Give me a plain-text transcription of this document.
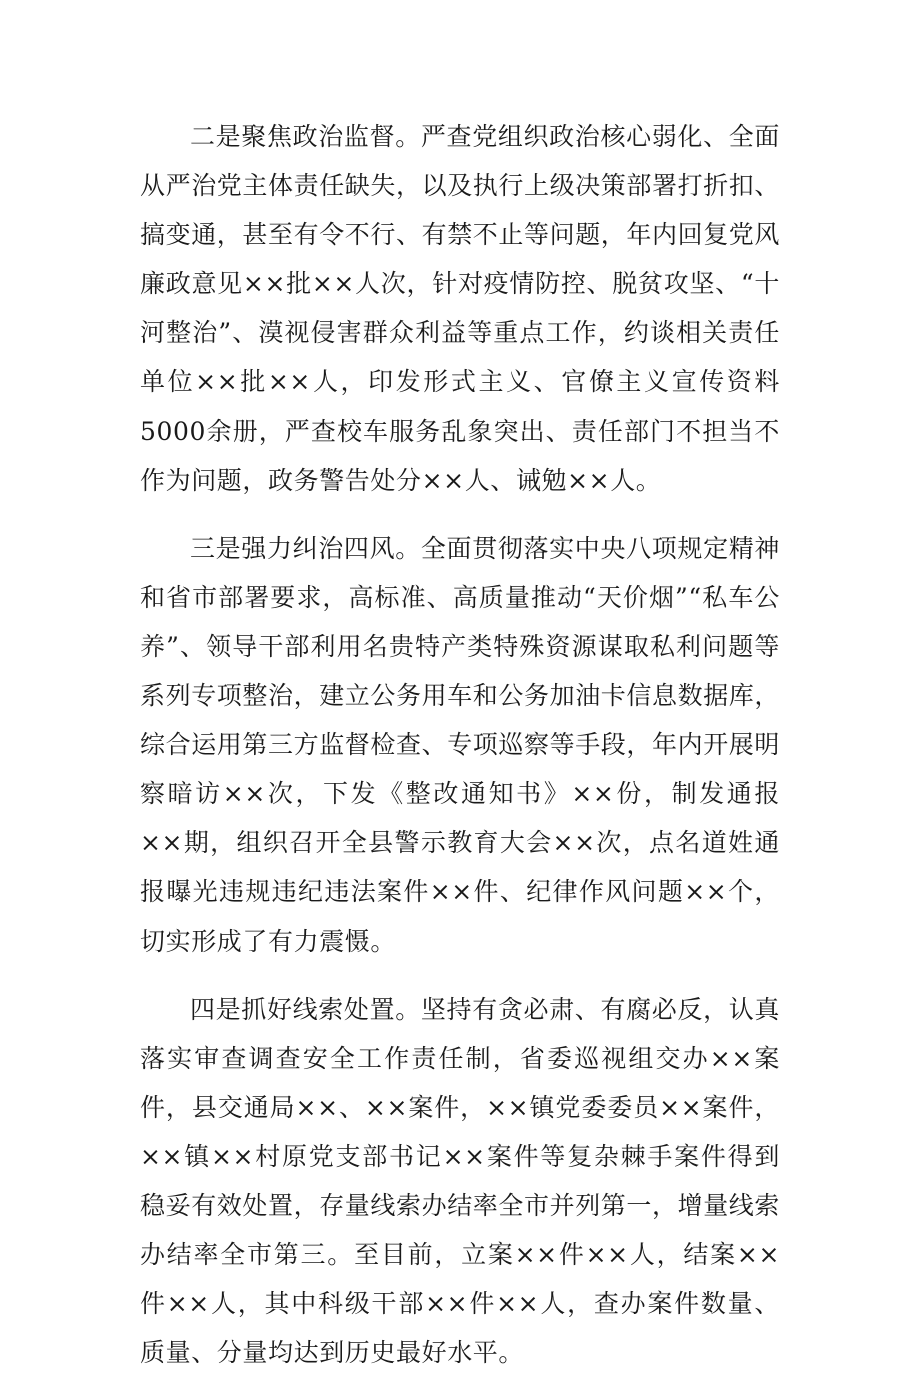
二是聚焦政治监督。严查党组织政治核心弱化、全面从严治党主体责任缺失，以及执行上级决策部署打折扣、搞变通，甚至有令不行、有禁不止等问题，年内回复党风廉政意见××批××人次，针对疫情防控、脱贫攻坚、“十河整治”、漠视侵害群众利益等重点工作，约谈相关责任单位××批××人，印发形式主义、官僚主义宣传资料5000余册，严查校车服务乱象突出、责任部门不担当不作为问题，政务警告处分××人、诫勉××人。

三是强力纠治四风。全面贯彻落实中央八项规定精神和省市部署要求，高标准、高质量推动“天价烟”“私车公养”、领导干部利用名贵特产类特殊资源谋取私利问题等系列专项整治，建立公务用车和公务加油卡信息数据库，综合运用第三方监督检查、专项巡察等手段，年内开展明察暗访××次，下发《整改通知书》××份，制发通报××期，组织召开全县警示教育大会××次，点名道姓通报曝光违规违纪违法案件××件、纪律作风问题××个，切实形成了有力震慑。

四是抓好线索处置。坚持有贪必肃、有腐必反，认真落实审查调查安全工作责任制，省委巡视组交办××案件，县交通局××、××案件，××镇党委委员××案件，××镇××村原党支部书记××案件等复杂棘手案件得到稳妥有效处置，存量线索办结率全市并列第一，增量线索办结率全市第三。至目前，立案××件××人，结案××件××人，其中科级干部××件××人，查办案件数量、质量、分量均达到历史最好水平。
